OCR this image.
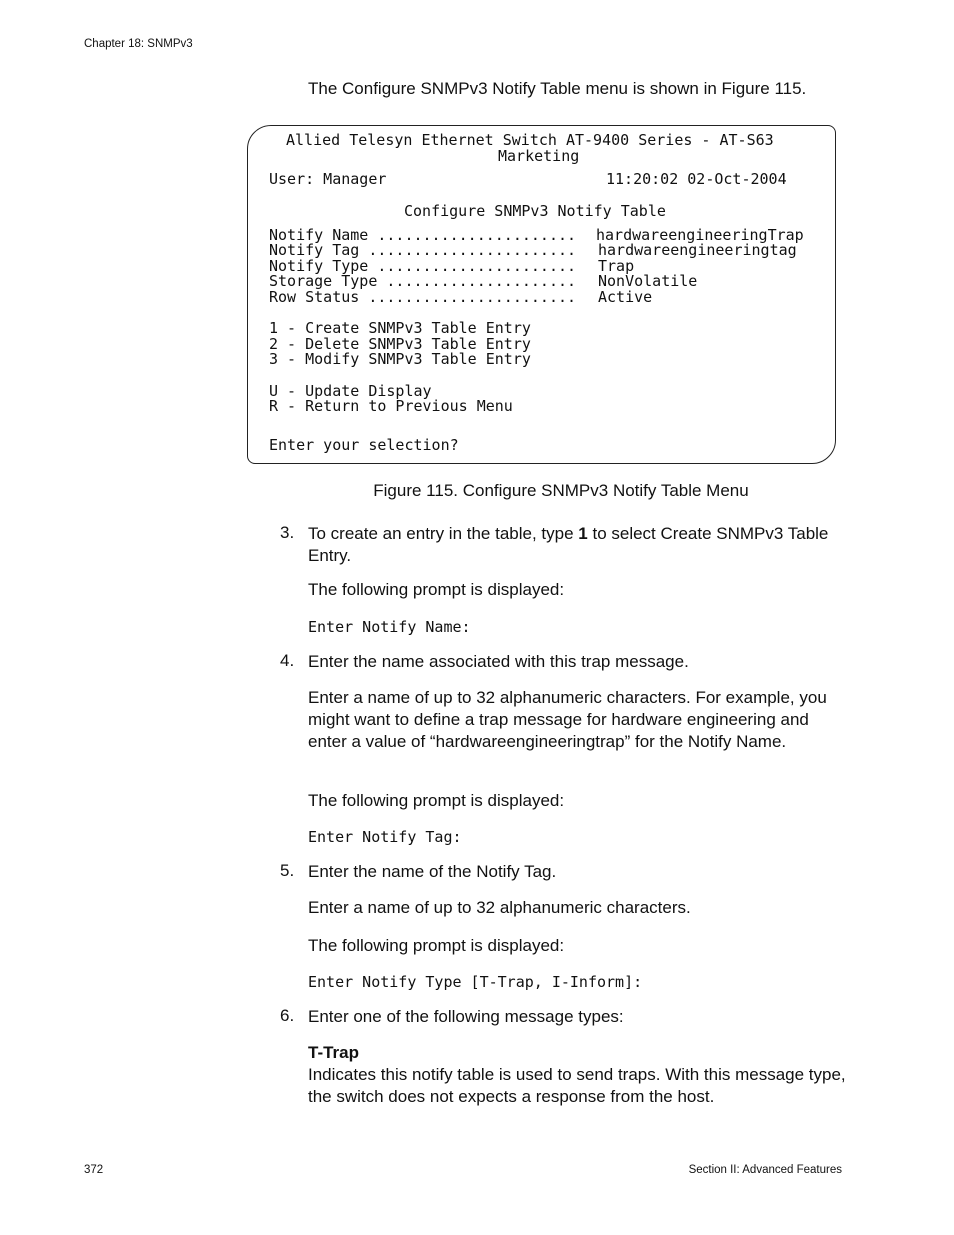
Chapter 18: SNMPv3
The Configure SNMPv3 Notify Table menu is shown in Figure 115.
Allied Telesyn Ethernet Switch AT-9400 Series - AT-S63
Marketing
User: Manager	11:20:02 02-Oct-2004
Configure SNMPv3 Notify Table
Notify Name ...................... hardwareengineeringTrap
Notify Tag ....................... hardwareengineeringtag
Notify Type ...................... Trap
Storage Type ..................... NonVolatile
Row Status ....................... Active
1 - Create SNMPv3 Table Entry
2 - Delete SNMPv3 Table Entry
3 - Modify SNMPv3 Table Entry
U - Update Display
R - Return to Previous Menu
Enter your selection?
Figure 115. Configure SNMPv3 Notify Table Menu
3. To create an entry in the table, type 1 to select Create SNMPv3 Table Entry.
The following prompt is displayed:
Enter Notify Name:
4. Enter the name associated with this trap message.
Enter a name of up to 32 alphanumeric characters. For example, you might want to define a trap message for hardware engineering and enter a value of “hardwareengineeringtrap” for the Notify Name.
The following prompt is displayed:
Enter Notify Tag:
5. Enter the name of the Notify Tag.
Enter a name of up to 32 alphanumeric characters.
The following prompt is displayed:
Enter Notify Type [T-Trap, I-Inform]:
6. Enter one of the following message types:
T-Trap
Indicates this notify table is used to send traps. With this message type, the switch does not expects a response from the host.
372	Section II: Advanced Features
